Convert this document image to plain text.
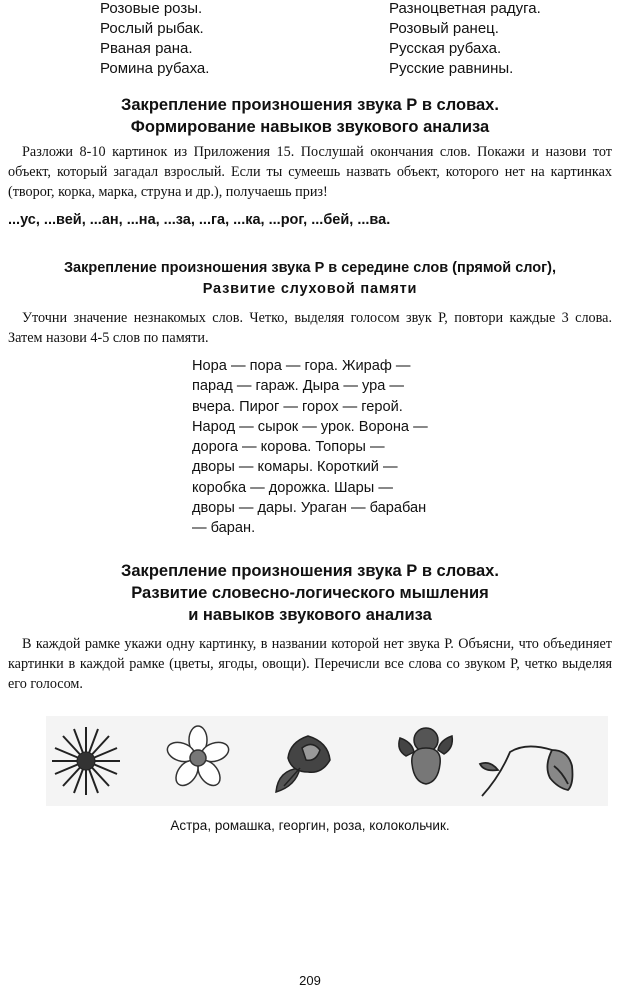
Розовые розы.
Рослый рыбак.
Рваная рана.
Ромина рубаха.
Разноцветная радуга.
Розовый ранец.
Русская рубаха.
Русские равнины.
Закрепление произношения звука Р в словах.
Формирование навыков звукового анализа
Разложи 8-10 картинок из Приложения 15. Послушай окончания слов. Покажи и назови тот объект, который загадал взрослый. Если ты сумеешь назвать объект, которого нет на картинках (творог, корка, марка, струна и др.), получаешь приз!
...ус, ...вей, ...ан, ...на, ...за, ...га, ...ка, ...рог, ...бей, ...ва.
Закрепление произношения звука Р в середине слов (прямой слог),
Развитие слуховой памяти
Уточни значение незнакомых слов. Четко, выделяя голосом звук Р, повтори каждые 3 слова. Затем назови 4-5 слов по памяти.
Нора — пора — гора. Жираф —
парад — гараж. Дыра — ура —
вчера. Пирог — горох — герой.
Народ — сырок — урок. Ворона —
дорога — корова. Топоры —
дворы — комары. Короткий —
коробка — дорожка. Шары —
дворы — дары. Ураган — барабан
— баран.
Закрепление произношения звука Р в словах.
Развитие словесно-логического мышления
и навыков звукового анализа
В каждой рамке укажи одну картинку, в названии которой нет звука Р. Объясни, что объединяет картинки в каждой рамке (цветы, ягоды, овощи). Перечисли все слова со звуком Р, четко выделяя его голосом.
Астра, ромашка, георгин, роза, колокольчик.
209
